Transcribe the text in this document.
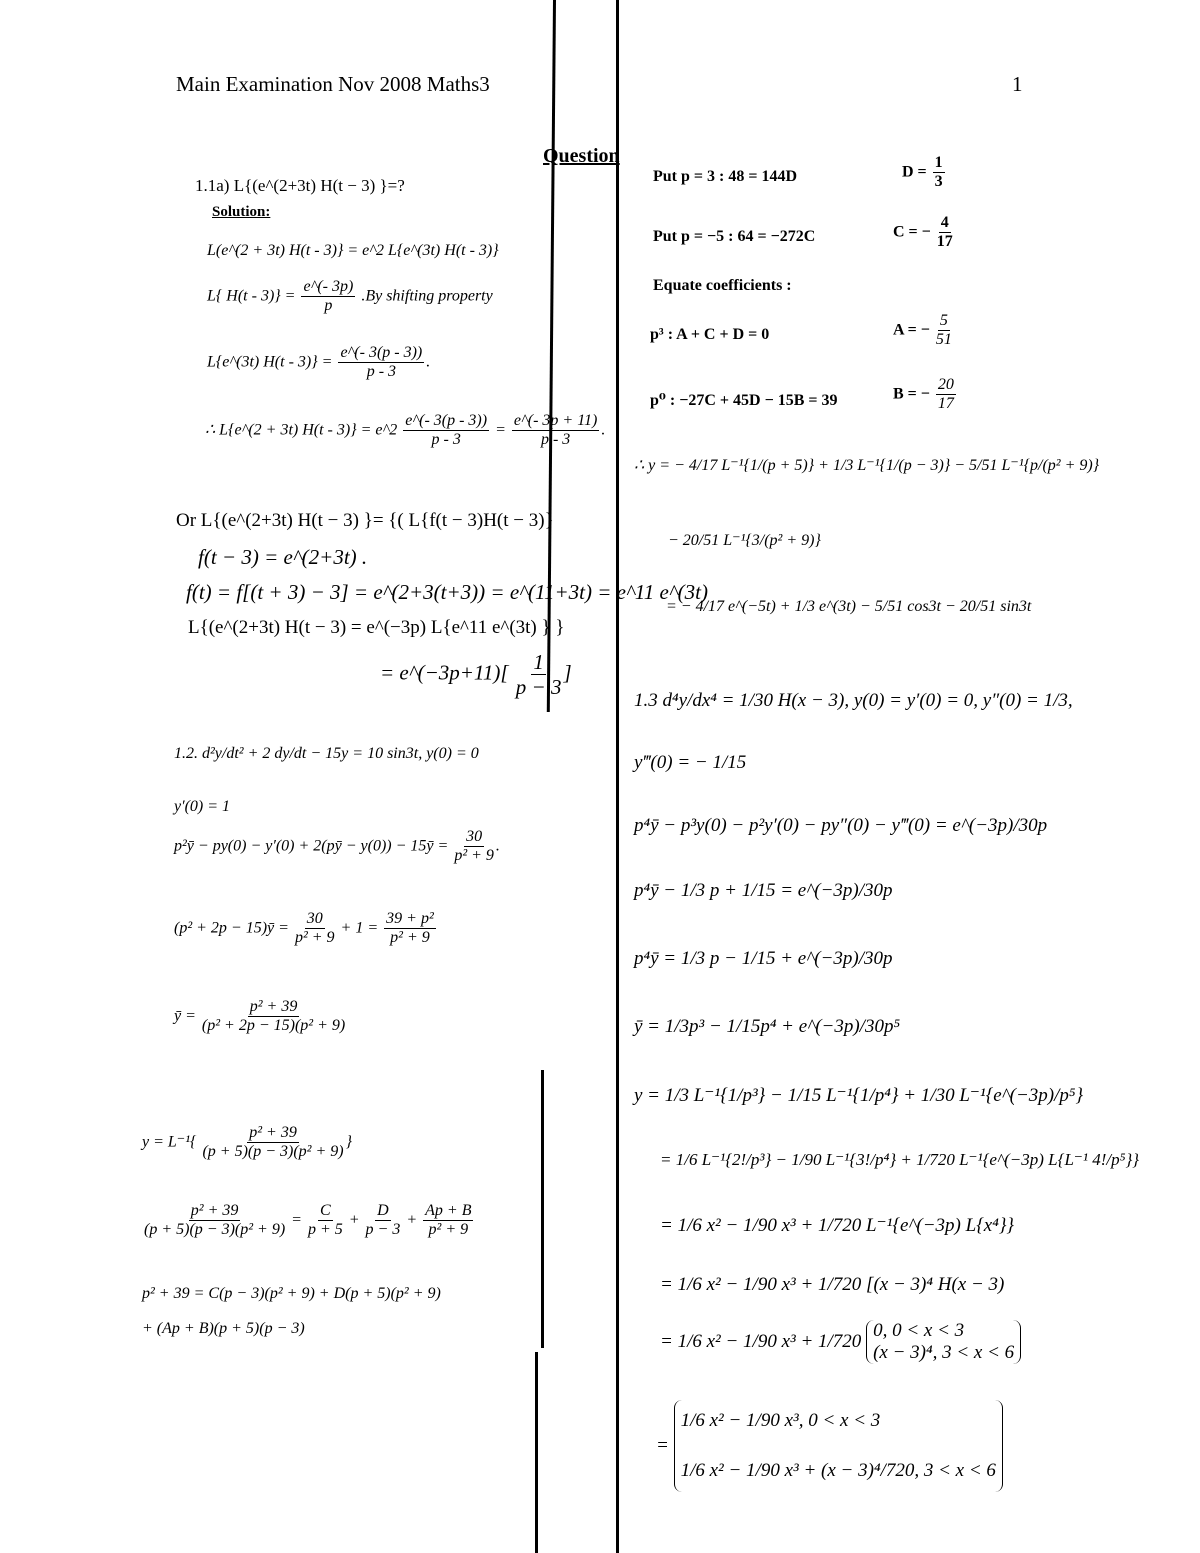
Main Examination Nov 2008 Maths3	1
Question
1.1a) L{(e^(2+3t) H(t − 3) }=?
Solution:
L(e^(2 + 3t) H(t - 3)} = e^2 L{e^(3t) H(t - 3)}
L{ $H(t - 3)\} = \frac{e\^{}(- 3p)}{p} .By$ shifting property
L{e^(3t) $H(t - 3)\} = \frac{e\^{}(- 3(p - 3))}{p - 3}$ .
∴ L{e^(2 + 3t) H(t - 3)} = e^2 $\frac{e\^{}(- 3(p - 3))}{p - 3} = \frac{e\^{}(- 3p + 11)}{p - 3}$ .
Or L{(e^(2+3t) H(t − 3) }= {( L{f(t − 3)H(t − 3)}
f(t − 3) = e^(2+3t) .
f(t) = f[(t + 3) − 3] = e^(2+3(t+3)) = e^(11+3t) = e^11 e^(3t)
L{(e^(2+3t) H(t − 3) = e^(−3p) L{e^11 e^(3t) } }
= e^(−3p+11)[ $\frac{1}{p - 3}$ ]
1.2. d²y/dt² + 2 dy/dt − 15y = 10 sin3t, y(0) = 0
y′(0) = 1
p²ȳ − py(0) − y′(0) + 2(pȳ − y(0)) − 15ȳ = $\frac{30}{\text{p² + 9}}$ .
(p² + 2p − 15)ȳ = $\frac{30}{\text{p² + 9}} + 1 = \frac{\text{39 + p²}}{\text{p² + 9}}$
ȳ = $\frac{\text{p² + 39}}{\text{(p² + 2p − 15)(p² + 9)}}$
$y = L^{-1}\{ \frac{\text{p² + 39}}{\text{(p + 5)(p − 3)(p² + 9)}}$ }
$\frac{\text{p² + 39}}{\text{(p + 5)(p − 3)(p² + 9)}} = \frac{C}{p + 5} + \frac{D}{p - 3} + \frac{Ap + B}{\text{p² + 9}}$
p² + 39 = C(p − 3)(p² + 9) + D(p + 5)(p² + 9)
+ (Ap + B)(p + 5)(p − 3)
Put p = 3 : 48 = 144D	$D = \frac{1}{3}$
Put p = −5 : 64 = −272C	C = − $\frac{4}{17}$
Equate coefficients :
p³ : A + C + D = 0	A = − $\frac{5}{51}$
p⁰ : −27C + 45D − 15B = 39	B = − $\frac{20}{17}$
∴ y = − 4/17 L⁻¹{1/(p + 5)} + 1/3 L⁻¹{1/(p − 3)} − 5/51 L⁻¹{p/(p² + 9)}
− 20/51 L⁻¹{3/(p² + 9)}
= − 4/17 e^(−5t) + 1/3 e^(3t) − 5/51 cos3t − 20/51 sin3t
1.3 d⁴y/dx⁴ = 1/30 H(x − 3), y(0) = y′(0) = 0, y″(0) = 1/3,
y‴(0) = − 1/15
p⁴ȳ − p³y(0) − p²y′(0) − py″(0) − y‴(0) = e^(−3p)/30p
p⁴ȳ − 1/3 p + 1/15 = e^(−3p)/30p
p⁴ȳ = 1/3 p − 1/15 + e^(−3p)/30p
ȳ = 1/3p³ − 1/15p⁴ + e^(−3p)/30p⁵
y = 1/3 L⁻¹{1/p³} − 1/15 L⁻¹{1/p⁴} + 1/30 L⁻¹{e^(−3p)/p⁵}
= 1/6 L⁻¹{2!/p³} − 1/90 L⁻¹{3!/p⁴} + 1/720 L⁻¹{e^(−3p) L{L⁻¹ 4!/p⁵}}
= 1/6 x² − 1/90 x³ + 1/720 L⁻¹{e^(−3p) L{x⁴}}
= 1/6 x² − 1/90 x³ + 1/720 [(x − 3)⁴ H(x − 3)
= 1/6 x² − 1/90 x³ + 1/720
0, 0 < x < 3
(x − 3)⁴, 3 < x < 6
=
1/6 x² − 1/90 x³, 0 < x < 3
1/6 x² − 1/90 x³ + (x − 3)⁴/720, 3 < x < 6
